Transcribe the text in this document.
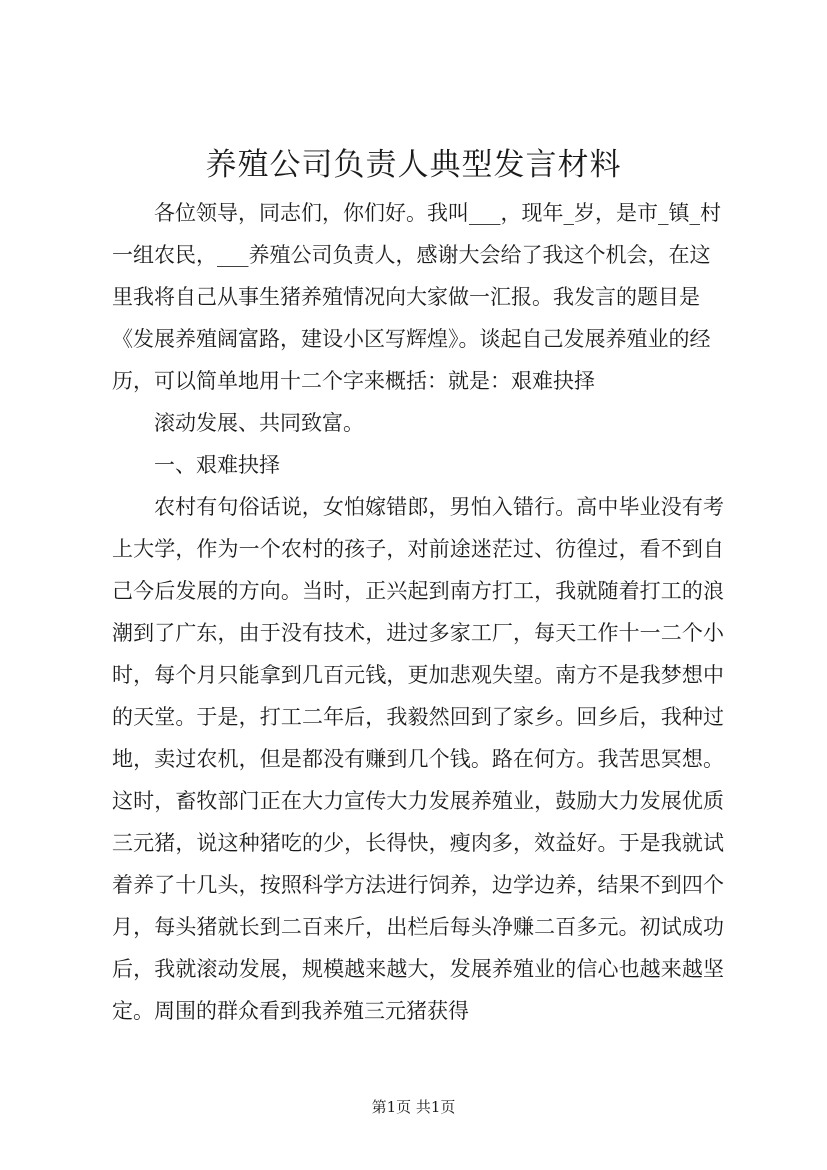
养殖公司负责人典型发言材料

各位领导，同志们，你们好。我叫___，现年_岁，是市_镇_村一组农民，___养殖公司负责人，感谢大会给了我这个机会，在这里我将自己从事生猪养殖情况向大家做一汇报。我发言的题目是《发展养殖阔富路，建设小区写辉煌》。谈起自己发展养殖业的经历，可以简单地用十二个字来概括：就是：艰难抉择

滚动发展、共同致富。

一、艰难抉择

农村有句俗话说，女怕嫁错郎，男怕入错行。高中毕业没有考上大学，作为一个农村的孩子，对前途迷茫过、彷徨过，看不到自己今后发展的方向。当时，正兴起到南方打工，我就随着打工的浪潮到了广东，由于没有技术，进过多家工厂，每天工作十一二个小时，每个月只能拿到几百元钱，更加悲观失望。南方不是我梦想中的天堂。于是，打工二年后，我毅然回到了家乡。回乡后，我种过地，卖过农机，但是都没有赚到几个钱。路在何方。我苦思冥想。这时，畜牧部门正在大力宣传大力发展养殖业，鼓励大力发展优质三元猪，说这种猪吃的少，长得快，瘦肉多，效益好。于是我就试着养了十几头，按照科学方法进行饲养，边学边养，结果不到四个月，每头猪就长到二百来斤，出栏后每头净赚二百多元。初试成功后，我就滚动发展，规模越来越大，发展养殖业的信心也越来越坚定。周围的群众看到我养殖三元猪获得

第1页 共1页
